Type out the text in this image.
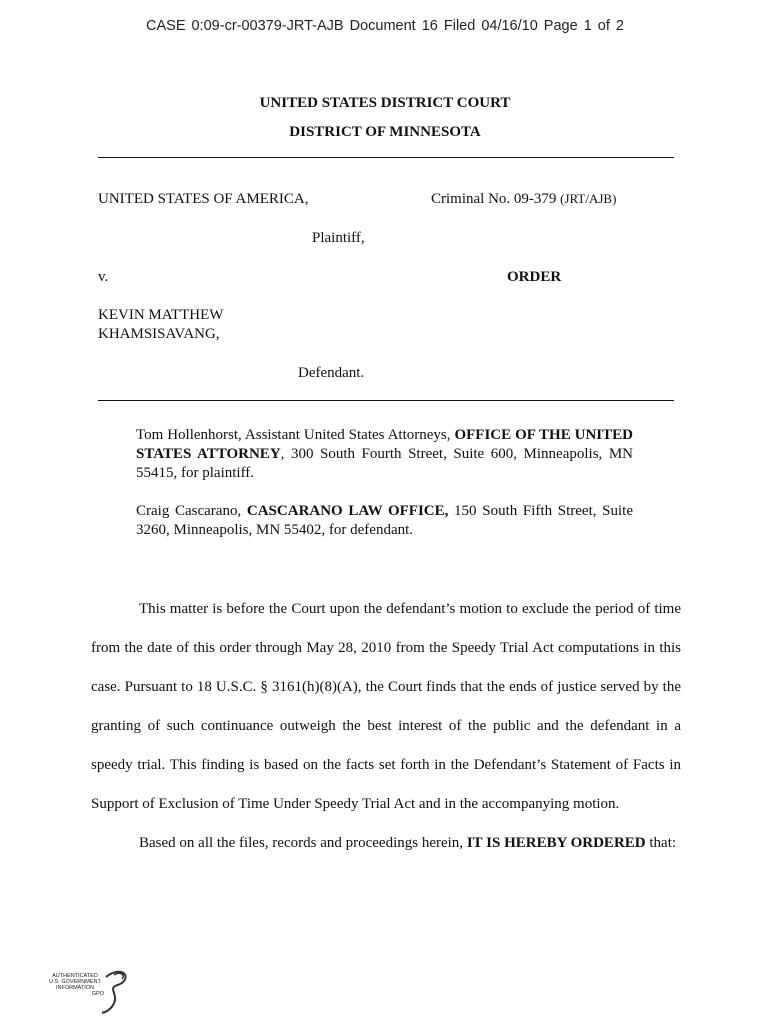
CASE 0:09-cr-00379-JRT-AJB Document 16 Filed 04/16/10 Page 1 of 2
UNITED STATES DISTRICT COURT
DISTRICT OF MINNESOTA
UNITED STATES OF AMERICA,	Criminal No. 09-379 (JRT/AJB)
Plaintiff,
v.	ORDER
KEVIN MATTHEW
KHAMSISAVANG,
Defendant.
Tom Hollenhorst, Assistant United States Attorneys, OFFICE OF THE UNITED STATES ATTORNEY, 300 South Fourth Street, Suite 600, Minneapolis, MN 55415, for plaintiff.
Craig Cascarano, CASCARANO LAW OFFICE, 150 South Fifth Street, Suite 3260, Minneapolis, MN 55402, for defendant.

This matter is before the Court upon the defendant’s motion to exclude the period of time from the date of this order through May 28, 2010 from the Speedy Trial Act computations in this case. Pursuant to 18 U.S.C. § 3161(h)(8)(A), the Court finds that the ends of justice served by the granting of such continuance outweigh the best interest of the public and the defendant in a speedy trial. This finding is based on the facts set forth in the Defendant’s Statement of Facts in Support of Exclusion of Time Under Speedy Trial Act and in the accompanying motion.

Based on all the files, records and proceedings herein, IT IS HEREBY ORDERED that:

AUTHENTICATED
U.S. GOVERNMENT
INFORMATION
GPO
